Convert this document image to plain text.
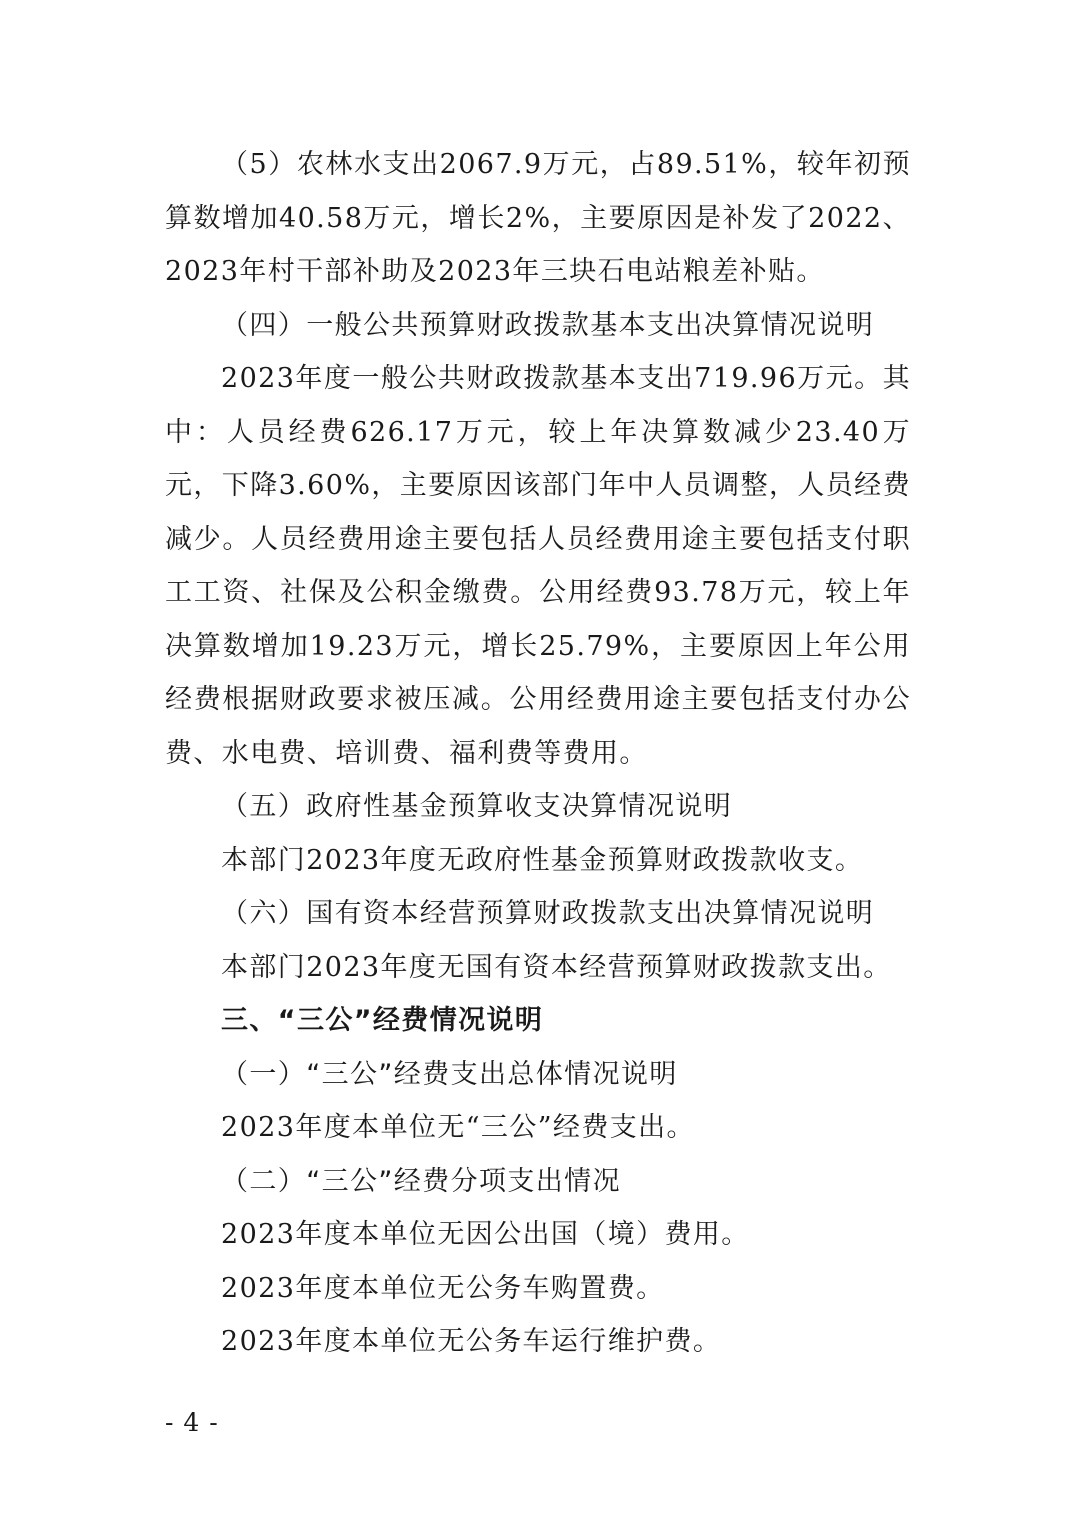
（5）农林水支出2067.9万元，占89.51%，较年初预算数增加40.58万元，增长2%，主要原因是补发了2022、2023年村干部补助及2023年三块石电站粮差补贴。

（四）一般公共预算财政拨款基本支出决算情况说明

2023年度一般公共财政拨款基本支出719.96万元。其中：人员经费626.17万元，较上年决算数减少23.40万元，下降3.60%，主要原因该部门年中人员调整，人员经费减少。人员经费用途主要包括人员经费用途主要包括支付职工工资、社保及公积金缴费。公用经费93.78万元，较上年决算数增加19.23万元，增长25.79%，主要原因上年公用经费根据财政要求被压减。公用经费用途主要包括支付办公费、水电费、培训费、福利费等费用。

（五）政府性基金预算收支决算情况说明

本部门2023年度无政府性基金预算财政拨款收支。

（六）国有资本经营预算财政拨款支出决算情况说明

本部门2023年度无国有资本经营预算财政拨款支出。

三、“三公”经费情况说明

（一）“三公”经费支出总体情况说明

2023年度本单位无“三公”经费支出。

（二）“三公”经费分项支出情况

2023年度本单位无因公出国（境）费用。

2023年度本单位无公务车购置费。

2023年度本单位无公务车运行维护费。

- 4 -
